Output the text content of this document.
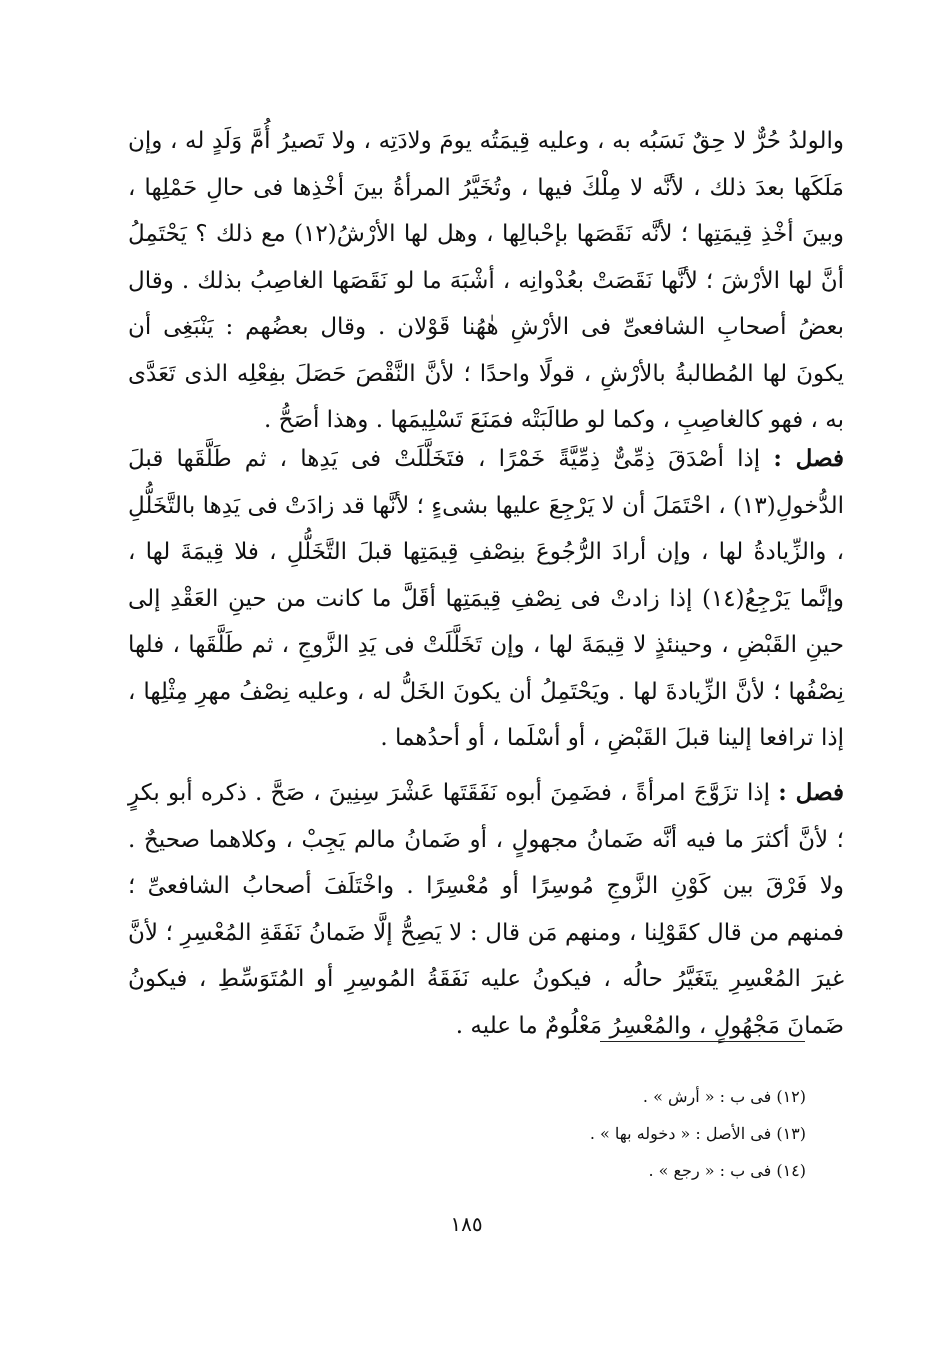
والولدُ حُرٌّ لا حِقٌ نَسَبُه به ، وعليه قِيمَتُه يومَ ولادَتِه ، ولا تَصيرُ أُمَّ وَلَدٍ له ، وإن مَلَكَها بعدَ ذلك ، لأنَّه لا مِلْكَ فيها ، وتُخَيَّرُ المرأةُ بينَ أخْذِها فى حالِ حَمْلِها ، وبينَ أخْذِ قِيمَتِها ؛ لأنَّه نَقَصَها بإحْبالِها ، وهل لها الأرْشُ(١٢) مع ذلك ؟ يَحْتَمِلُ أنَّ لها الأرْشَ ؛ لأنَّها نَقَصَتْ بعُدْوانِه ، أشْبَهَ ما لو نَقَصَها الغاصِبُ بذلك . وقال بعضُ أصحابِ الشافعىِّ فى الأرْشِ هٰهُنا قَوْلان . وقال بعضُهم : يَنْبَغِى أن يكونَ لها المُطالبةُ بالأرْشِ ، قولًا واحدًا ؛ لأنَّ النَّقْصَ حَصَلَ بفِعْلِه الذى تَعَدَّى به ، فهو كالغاصِبِ ، وكما لو طالَبَتْه فمَنَعَ تَسْلِيمَها . وهذا أصَحُّ .

فصل : إذا أصْدَقَ ذِمِّىٌّ ذِمِّيَّةً خَمْرًا ، فتَخَلَّلَتْ فى يَدِها ، ثم طَلَّقَها قبلَ الدُّخولِ(١٣) ، احْتَمَلَ أن لا يَرْجِعَ عليها بشىءٍ ؛ لأنَّها قد زادَتْ فى يَدِها بالتَّخَلُّلِ ، والزِّيادةُ لها ، وإن أرادَ الرُّجُوعَ بنِصْفِ قِيمَتِها قبلَ التَّخَلُّلِ ، فلا قِيمَةَ لها ، وإنَّما يَرْجِعُ(١٤) إذا زادتْ فى نِصْفِ قِيمَتِها أقَلَّ ما كانت من حينِ العَقْدِ إلى حينِ القَبْضِ ، وحينئذٍ لا قِيمَةَ لها ، وإن تَخَلَّلَتْ فى يَدِ الزَّوجِ ، ثم طَلَّقَها ، فلها نِصْفُها ؛ لأنَّ الزِّيادةَ لها . ويَحْتَمِلُ أن يكونَ الخَلُّ له ، وعليه نِصْفُ مهرِ مِثْلِها ، إذا ترافعا إلينا قبلَ القَبْضِ ، أو أسْلَما ، أو أحدُهما .

فصل : إذا تزَوَّجَ امرأةً ، فضَمِنَ أبوه نَفَقَتَها عَشْرَ سِنِينَ ، صَحَّ . ذكره أبو بكرٍ ؛ لأنَّ أكثرَ ما فيه أنَّه ضَمانُ مجهولٍ ، أو ضَمانُ مالم يَجِبْ ، وكلاهما صحيحٌ . ولا فَرْقَ بين كَوْنِ الزَّوجِ مُوسِرًا أو مُعْسِرًا . واخْتَلَفَ أصحابُ الشافعىِّ ؛ فمنهم من قال كقَوْلِنا ، ومنهم مَن قال : لا يَصِحُّ إلَّا ضَمانُ نَفَقَةِ المُعْسِرِ ؛ لأنَّ غيرَ المُعْسِرِ يتَغَيَّرُ حالُه ، فيكونُ عليه نَفَقَةُ المُوسِرِ أو المُتَوَسِّطِ ، فيكونُ ضَمانَ مَجْهُولٍ ، والمُعْسِرُ مَعْلُومٌ ما عليه .

(١٢) فى ب : « أرش » .
(١٣) فى الأصل : « دخوله بها » .
(١٤) فى ب : « رجع » .
١٨٥
